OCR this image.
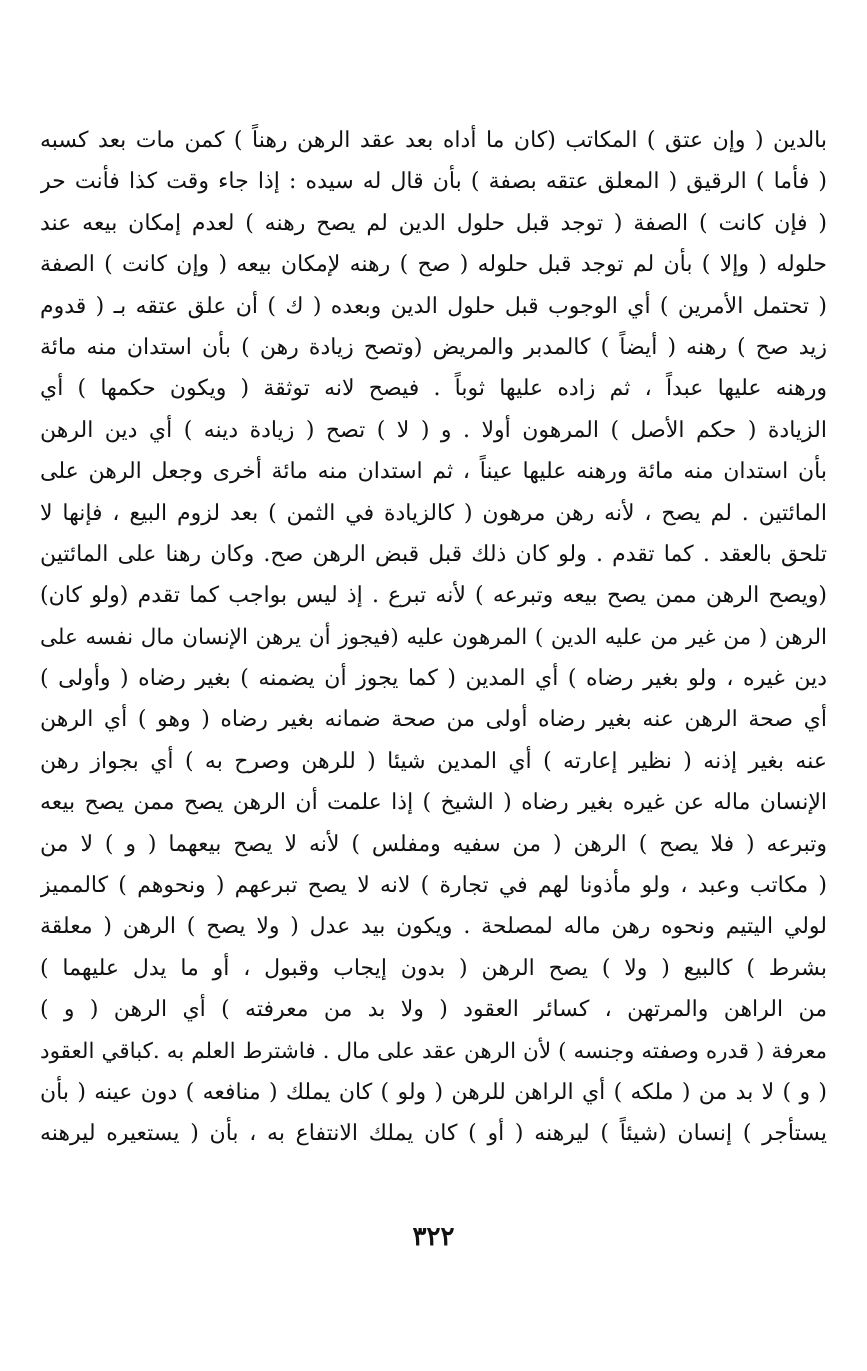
بالدين ( وإن عتق ) المكاتب (كان ما أداه بعد عقد الرهن رهناً ) كمن مات بعد كسبه
( فأما ) الرقيق ( المعلق عتقه بصفة ) بأن قال له سيده : إذا جاء وقت كذا فأنت حر
( فإن كانت ) الصفة ( توجد قبل حلول الدين لم يصح رهنه ) لعدم إمكان بيعه عند
حلوله ( وإلا ) بأن لم توجد قبل حلوله ( صح ) رهنه لإمكان بيعه ( وإن كانت ) الصفة
( تحتمل الأمرين ) أي الوجوب قبل حلول الدين وبعده ( ك ) أن علق عتقه بـ ( قدوم
زيد صح ) رهنه ( أيضاً ) كالمدبر والمريض (وتصح زيادة رهن ) بأن استدان منه مائة
ورهنه عليها عبداً ، ثم زاده عليها ثوباً . فيصح لانه توثقة ( ويكون حكمها ) أي
الزيادة ( حكم الأصل ) المرهون أولا . و ( لا ) تصح ( زيادة دينه ) أي دين الرهن
بأن استدان منه مائة ورهنه عليها عيناً ، ثم استدان منه مائة أخرى وجعل الرهن على
المائتين . لم يصح ، لأنه رهن مرهون ( كالزيادة في الثمن ) بعد لزوم البيع ، فإنها لا
تلحق بالعقد . كما تقدم . ولو كان ذلك قبل قبض الرهن صح. وكان رهنا على المائتين
(ويصح الرهن ممن يصح بيعه وتبرعه ) لأنه تبرع . إذ ليس بواجب كما تقدم (ولو كان)
الرهن ( من غير من عليه الدين ) المرهون عليه (فيجوز أن يرهن الإنسان مال نفسه على
دين غيره ، ولو بغير رضاه ) أي المدين ( كما يجوز أن يضمنه ) بغير رضاه ( وأولى )
أي صحة الرهن عنه بغير رضاه أولى من صحة ضمانه بغير رضاه ( وهو ) أي الرهن
عنه بغير إذنه ( نظير إعارته ) أي المدين شيئا ( للرهن وصرح به ) أي بجواز رهن
الإنسان ماله عن غيره بغير رضاه ( الشيخ ) إذا علمت أن الرهن يصح ممن يصح بيعه
وتبرعه ( فلا يصح ) الرهن ( من سفيه ومفلس ) لأنه لا يصح بيعهما ( و ) لا من
( مكاتب وعبد ، ولو مأذونا لهم في تجارة ) لانه لا يصح تبرعهم ( ونحوهم ) كالمميز
لولي اليتيم ونحوه رهن ماله لمصلحة . ويكون بيد عدل ( ولا يصح ) الرهن ( معلقة
بشرط ) كالبيع ( ولا ) يصح الرهن ( بدون إيجاب وقبول ، أو ما يدل عليهما )
من الراهن والمرتهن ، كسائر العقود ( ولا بد من معرفته ) أي الرهن ( و )
معرفة ( قدره وصفته وجنسه ) لأن الرهن عقد على مال . فاشترط العلم به .كباقي العقود
( و ) لا بد من ( ملكه ) أي الراهن للرهن ( ولو ) كان يملك ( منافعه ) دون عينه ( بأن
يستأجر ) إنسان (شيئاً ) ليرهنه ( أو ) كان يملك الانتفاع به ، بأن ( يستعيره ليرهنه
٣٢٢
